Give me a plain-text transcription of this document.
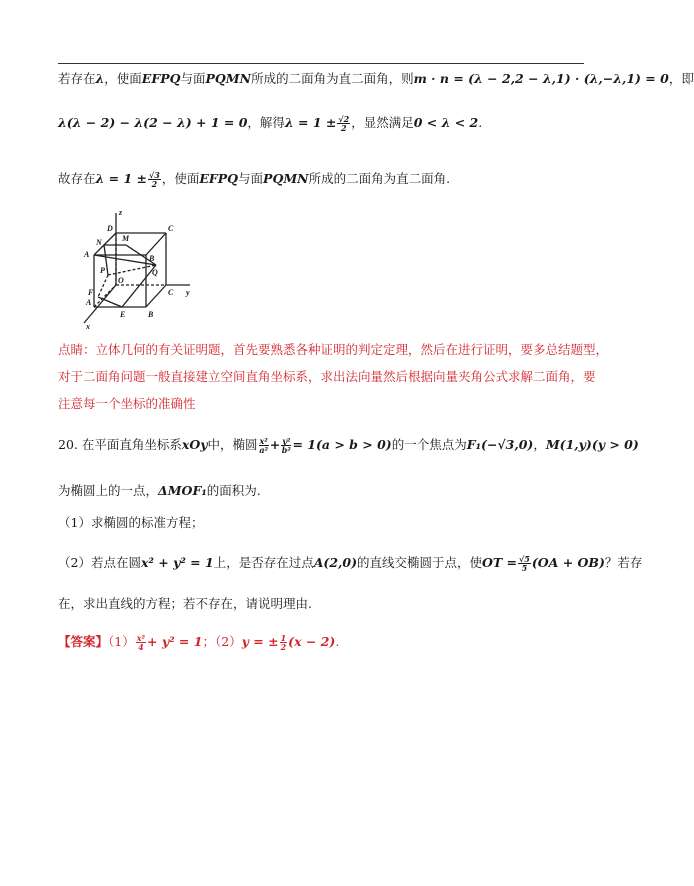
若存在λ，使面EFPQ与面PQMN所成的二面角为直二面角，则m · n = (λ − 2,2 − λ,1) · (λ,−λ,1) = 0，即
λ(λ − 2) − λ(2 − λ) + 1 = 0，解得$\lambda = 1 \pm \frac{√2}{2}$ ，显然满足0 < λ < 2.
故存在$\lambda = 1 \pm \frac{√3}{2}$ ，使面EFPQ与面PQMN所成的二面角为直二面角.
z
D	C
N	M
A	B
P	Q
O
C y
A
F
E	B
x
点睛：立体几何的有关证明题，首先要熟悉各种证明的判定定理，然后在进行证明，要多总结题型，
对于二面角问题一般直接建立空间直角坐标系，求出法向量然后根据向量夹角公式求解二面角，要
注意每一个坐标的准确性
20. 在平面直角坐标系xOy中，椭圆 $\frac{\text{x²}}{\text{a²}} + \frac{\text{y²}}{\text{b²}} = 1(a > b > 0)$的一个焦点为F₁(−√3,0)，M(1,y)(y > 0)
为椭圆上的一点，ΔMOF₁的面积为.
（1）求椭圆的标准方程；
（2）若点在圆x² + y² = 1上，是否存在过点A(2,0)的直线交椭圆于点，使OT = $\frac{√5}{5} (OA + OB)$？若存
在，求出直线的方程；若不存在，请说明理由.
【答案】$(1) \frac{\text{x²}}{4} + y^2 = 1$；（2）y = ± $\frac{1}{2} (x - 2)$.
